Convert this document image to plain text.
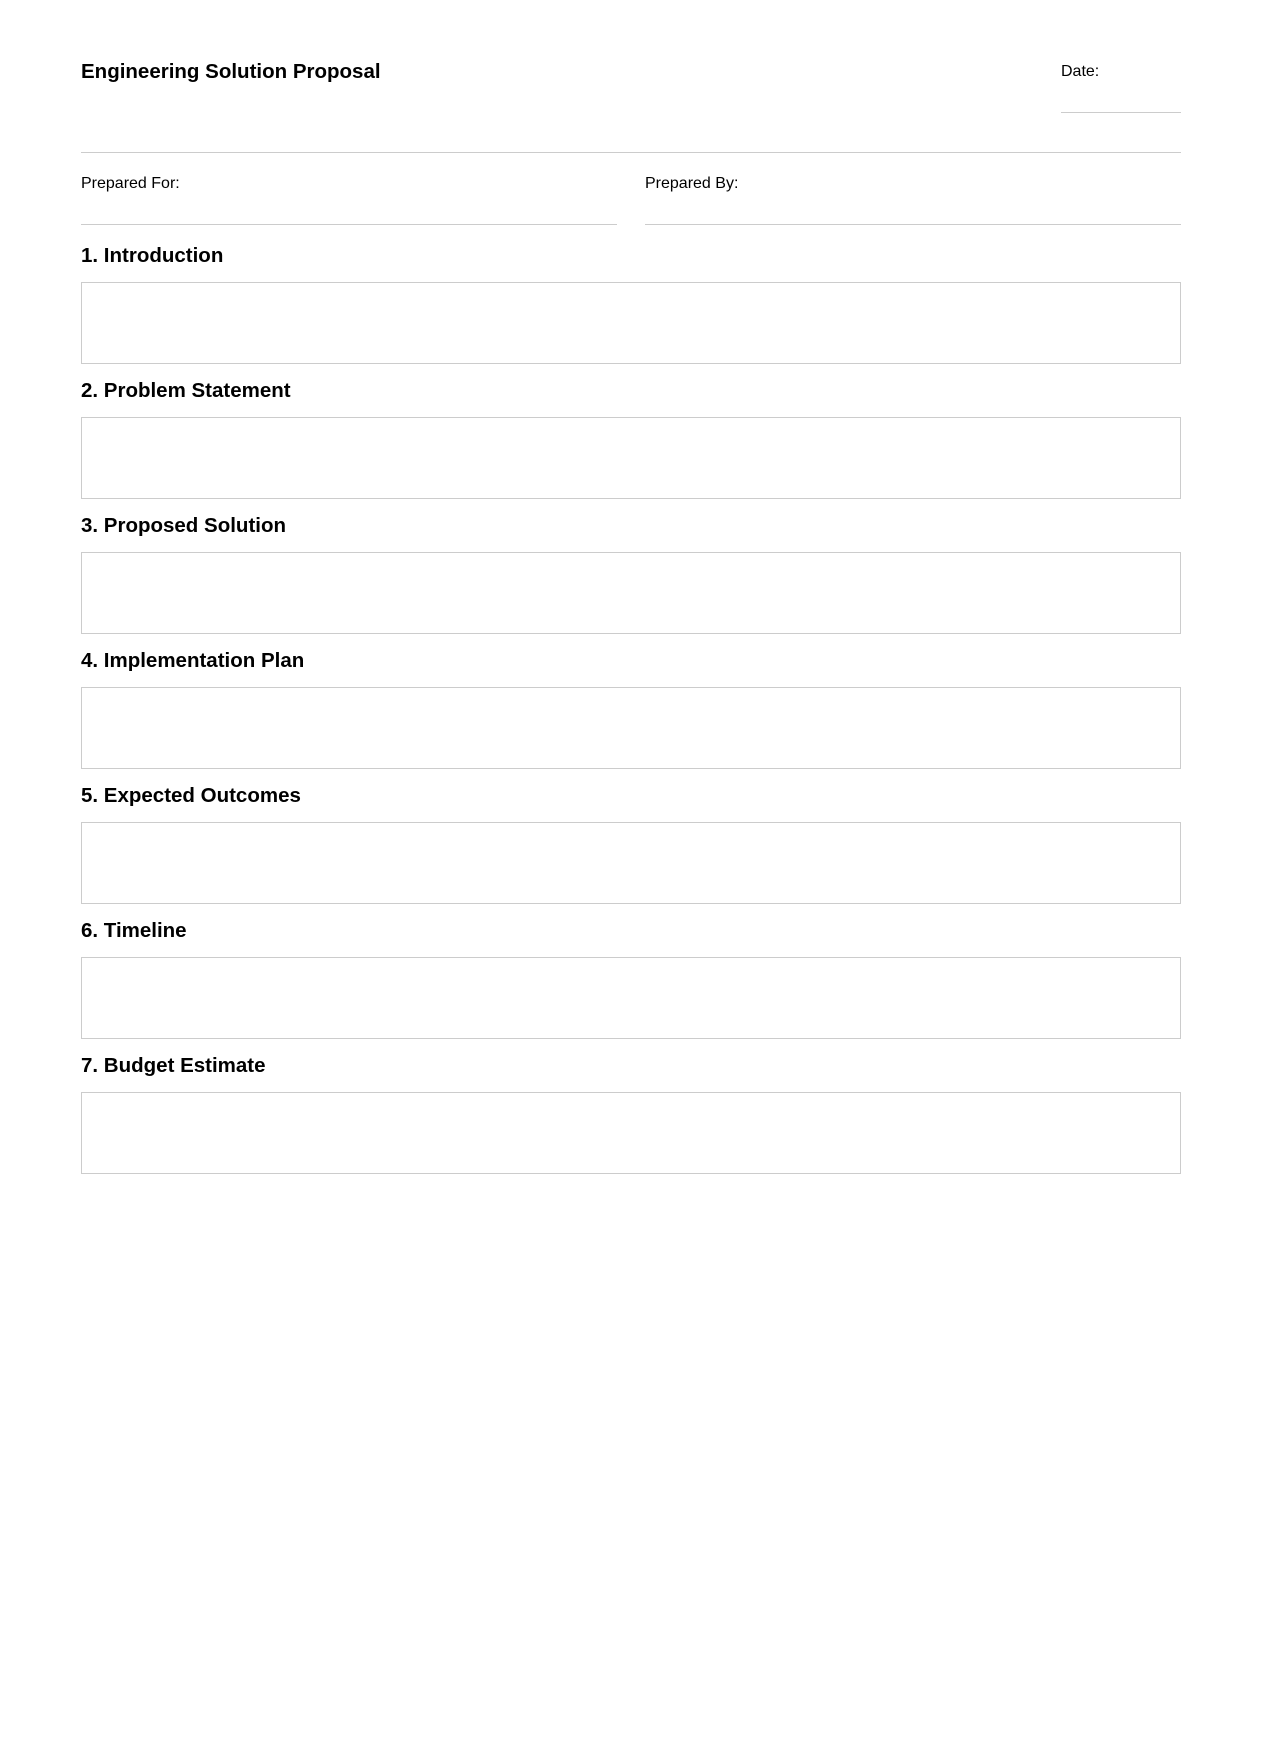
Engineering Solution Proposal	Date:
Prepared For:	Prepared By:
1. Introduction
2. Problem Statement
3. Proposed Solution
4. Implementation Plan
5. Expected Outcomes
6. Timeline
7. Budget Estimate
